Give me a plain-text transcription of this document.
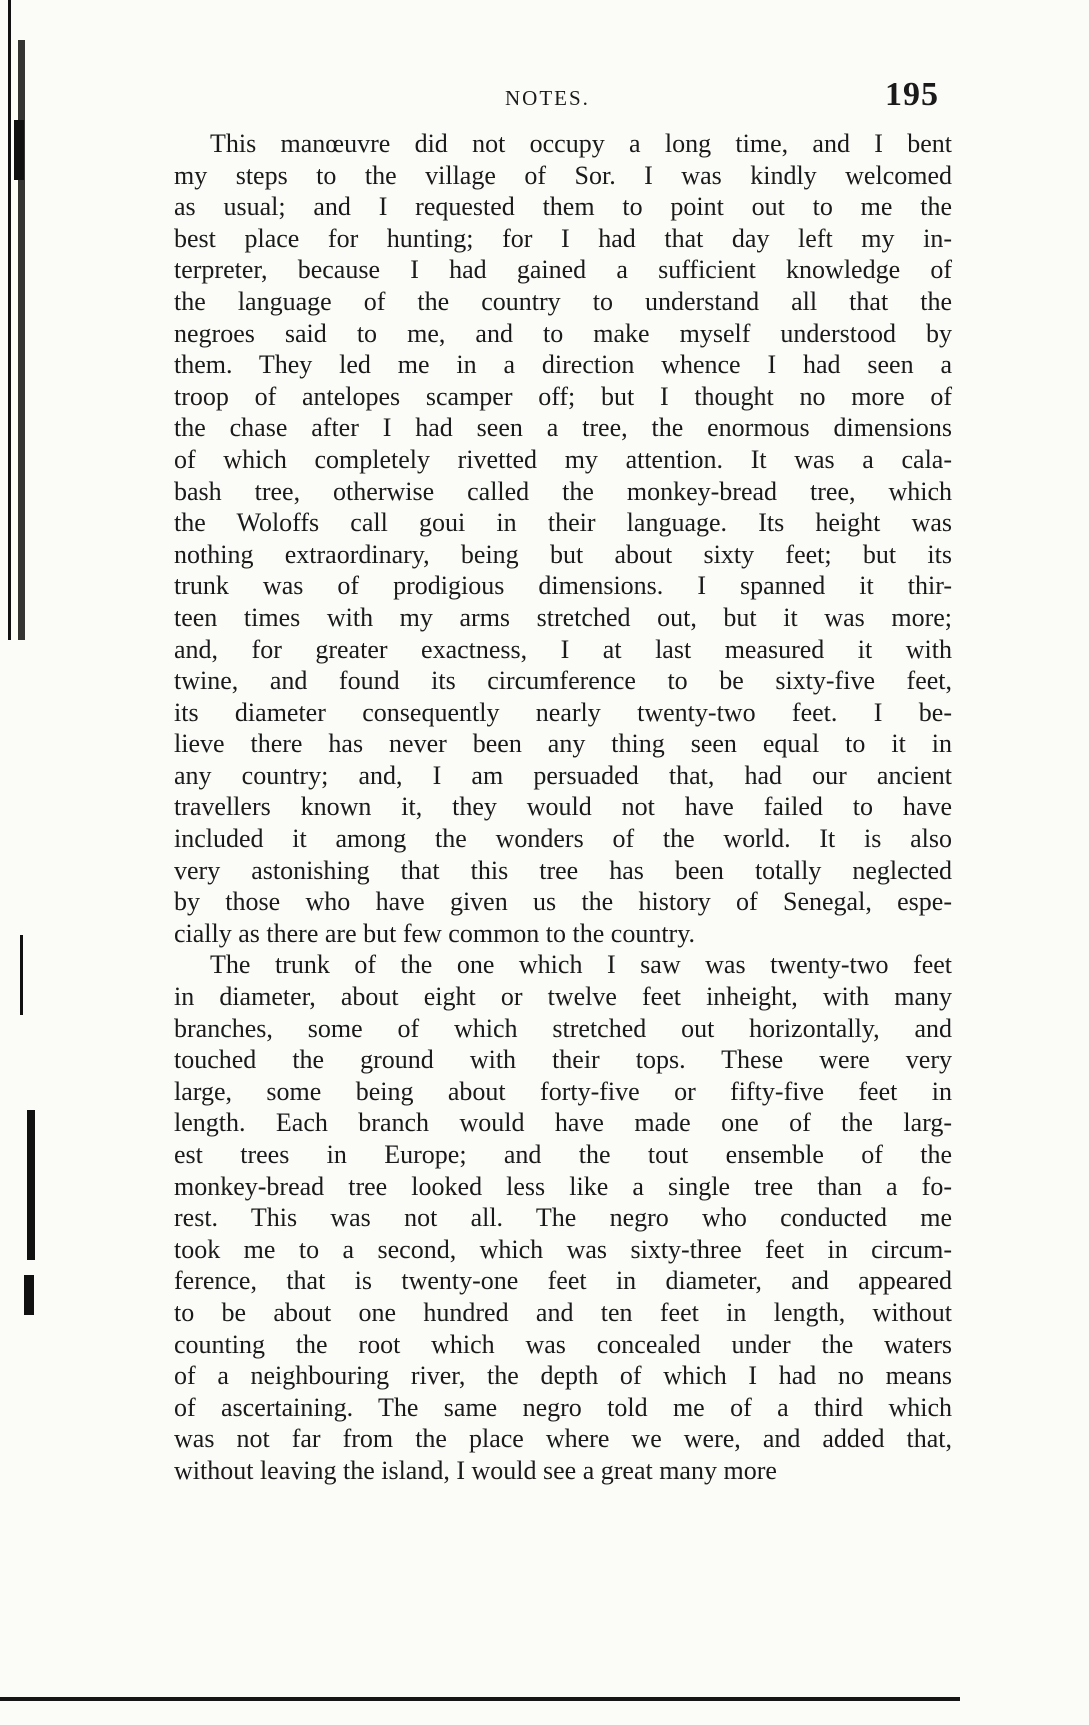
NOTES.	195
This manœuvre did not occupy a long time, and I bent
my steps to the village of Sor. I was kindly welcomed
as usual; and I requested them to point out to me the
best place for hunting; for I had that day left my in-
terpreter, because I had gained a sufficient knowledge of
the language of the country to understand all that the
negroes said to me, and to make myself understood by
them. They led me in a direction whence I had seen a
troop of antelopes scamper off; but I thought no more of
the chase after I had seen a tree, the enormous dimensions
of which completely rivetted my attention. It was a cala-
bash tree, otherwise called the monkey-bread tree, which
the Woloffs call goui in their language. Its height was
nothing extraordinary, being but about sixty feet; but its
trunk was of prodigious dimensions. I spanned it thir-
teen times with my arms stretched out, but it was more;
and, for greater exactness, I at last measured it with
twine, and found its circumference to be sixty-five feet,
its diameter consequently nearly twenty-two feet. I be-
lieve there has never been any thing seen equal to it in
any country; and, I am persuaded that, had our ancient
travellers known it, they would not have failed to have
included it among the wonders of the world. It is also
very astonishing that this tree has been totally neglected
by those who have given us the history of Senegal, espe-
cially as there are but few common to the country.
The trunk of the one which I saw was twenty-two feet
in diameter, about eight or twelve feet inheight, with many
branches, some of which stretched out horizontally, and
touched the ground with their tops. These were very
large, some being about forty-five or fifty-five feet in
length. Each branch would have made one of the larg-
est trees in Europe; and the tout ensemble of the
monkey-bread tree looked less like a single tree than a fo-
rest. This was not all. The negro who conducted me
took me to a second, which was sixty-three feet in circum-
ference, that is twenty-one feet in diameter, and appeared
to be about one hundred and ten feet in length, without
counting the root which was concealed under the waters
of a neighbouring river, the depth of which I had no means
of ascertaining. The same negro told me of a third which
was not far from the place where we were, and added that,
without leaving the island, I would see a great many more
